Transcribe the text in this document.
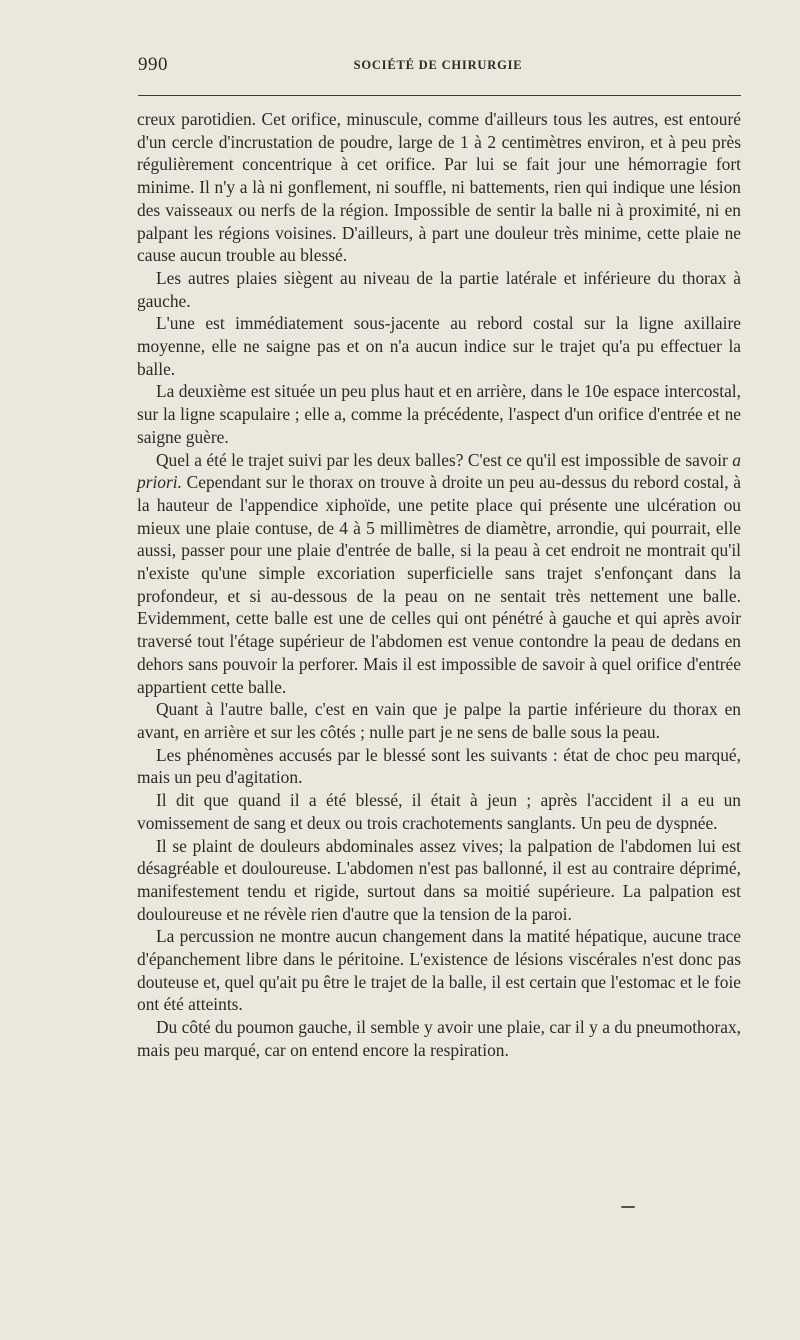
990	SOCIÉTÉ DE CHIRURGIE

creux parotidien. Cet orifice, minuscule, comme d'ailleurs tous les autres, est entouré d'un cercle d'incrustation de poudre, large de 1 à 2 centimètres environ, et à peu près régulièrement concentrique à cet orifice. Par lui se fait jour une hémorragie fort minime. Il n'y a là ni gonflement, ni souffle, ni battements, rien qui indique une lésion des vaisseaux ou nerfs de la région. Impossible de sentir la balle ni à proximité, ni en palpant les régions voisines. D'ailleurs, à part une douleur très minime, cette plaie ne cause aucun trouble au blessé.

Les autres plaies siègent au niveau de la partie latérale et inférieure du thorax à gauche.

L'une est immédiatement sous-jacente au rebord costal sur la ligne axillaire moyenne, elle ne saigne pas et on n'a aucun indice sur le trajet qu'a pu effectuer la balle.

La deuxième est située un peu plus haut et en arrière, dans le 10e espace intercostal, sur la ligne scapulaire ; elle a, comme la précédente, l'aspect d'un orifice d'entrée et ne saigne guère.

Quel a été le trajet suivi par les deux balles? C'est ce qu'il est impossible de savoir a priori. Cependant sur le thorax on trouve à droite un peu au-dessus du rebord costal, à la hauteur de l'appendice xiphoïde, une petite place qui présente une ulcération ou mieux une plaie contuse, de 4 à 5 millimètres de diamètre, arrondie, qui pourrait, elle aussi, passer pour une plaie d'entrée de balle, si la peau à cet endroit ne montrait qu'il n'existe qu'une simple excoriation superficielle sans trajet s'enfonçant dans la profondeur, et si au-dessous de la peau on ne sentait très nettement une balle. Evidemment, cette balle est une de celles qui ont pénétré à gauche et qui après avoir traversé tout l'étage supérieur de l'abdomen est venue contondre la peau de dedans en dehors sans pouvoir la perforer. Mais il est impossible de savoir à quel orifice d'entrée appartient cette balle.

Quant à l'autre balle, c'est en vain que je palpe la partie inférieure du thorax en avant, en arrière et sur les côtés ; nulle part je ne sens de balle sous la peau.

Les phénomènes accusés par le blessé sont les suivants : état de choc peu marqué, mais un peu d'agitation.

Il dit que quand il a été blessé, il était à jeun ; après l'accident il a eu un vomissement de sang et deux ou trois crachotements sanglants. Un peu de dyspnée.

Il se plaint de douleurs abdominales assez vives; la palpation de l'abdomen lui est désagréable et douloureuse. L'abdomen n'est pas ballonné, il est au contraire déprimé, manifestement tendu et rigide, surtout dans sa moitié supérieure. La palpation est douloureuse et ne révèle rien d'autre que la tension de la paroi.

La percussion ne montre aucun changement dans la matité hépatique, aucune trace d'épanchement libre dans le péritoine. L'existence de lésions viscérales n'est donc pas douteuse et, quel qu'ait pu être le trajet de la balle, il est certain que l'estomac et le foie ont été atteints.

Du côté du poumon gauche, il semble y avoir une plaie, car il y a du pneumothorax, mais peu marqué, car on entend encore la respiration.
